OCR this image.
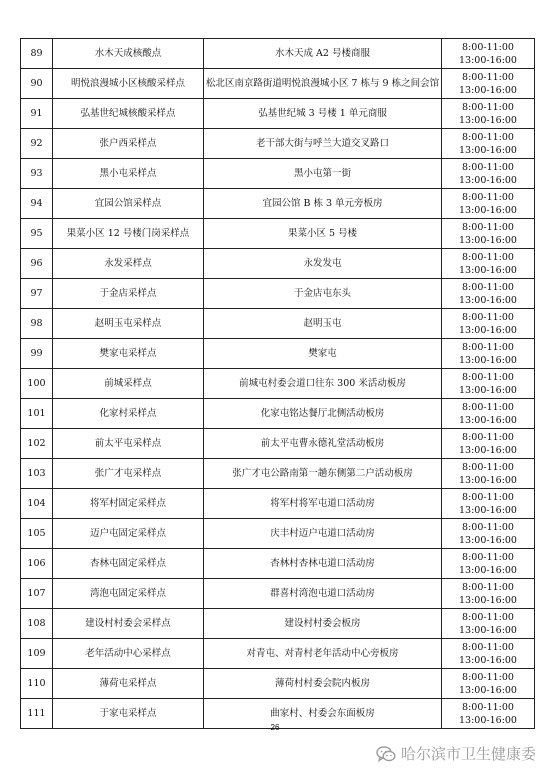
89	水木天成核酸点	水木天成 A2 号楼商服	8:00-11:00
13:00-16:00

90	明悦浪漫城小区核酸采样点	松北区南京路街道明悦浪漫城小区 7 栋与 9 栋之间会馆	8:00-11:00
13:00-16:00

91	弘基世纪城核酸采样点	弘基世纪城 3 号楼 1 单元商服	8:00-11:00
13:00-16:00

92	张户西采样点	老干部大街与呼兰大道交叉路口	8:00-11:00
13:00-16:00

93	黑小屯采样点	黑小屯第一街	8:00-11:00
13:00-16:00

94	宜园公馆采样点	宜园公馆 B 栋 3 单元旁板房	8:00-11:00
13:00-16:00

95	果菜小区 12 号楼门岗采样点	果菜小区 5 号楼	8:00-11:00
13:00-16:00

96	永发采样点	永发发屯	8:00-11:00
13:00-16:00

97	于金店采样点	于金店屯东头	8:00-11:00
13:00-16:00

98	赵明玉屯采样点	赵明玉屯	8:00-11:00
13:00-16:00

99	樊家屯采样点	樊家屯	8:00-11:00
13:00-16:00

100	前城采样点	前城屯村委会道口往东 300 米活动板房	8:00-11:00
13:00-16:00

101	化家村采样点	化家屯铭达餐厅北侧活动板房	8:00-11:00
13:00-16:00

102	前太平屯采样点	前太平屯曹永德礼堂活动板房	8:00-11:00
13:00-16:00

103	张广才屯采样点	张广才屯公路南第一趟东侧第二户活动板房	8:00-11:00
13:00-16:00

104	将军村固定采样点	将军村将军屯道口活动房	8:00-11:00
13:00-16:00

105	迈户屯固定采样点	庆丰村迈户屯道口活动房	8:00-11:00
13:00-16:00

106	杏林屯固定采样点	杏林村杏林屯道口活动房	8:00-11:00
13:00-16:00

107	湾泡屯固定采样点	群喜村湾泡屯道口活动房	8:00-11:00
13:00-16:00

108	建设村村委会采样点	建设村村委会板房	8:00-11:00
13:00-16:00

109	老年活动中心采样点	对青屯、对青村老年活动中心旁板房	8:00-11:00
13:00-16:00

110	薄荷屯采样点	薄荷村村委会院内板房	8:00-11:00
13:00-16:00

111	于家屯采样点	曲家村、村委会东面板房	8:00-11:00
13:00-16:00
26
哈尔滨市卫生健康委
